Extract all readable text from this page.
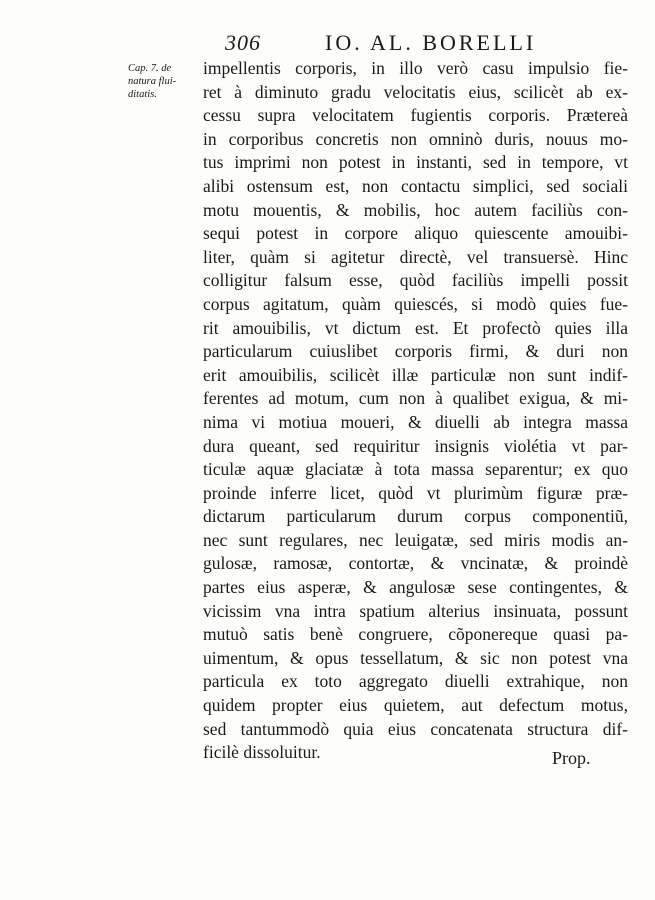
306	IO. AL. BORELLI
Cap. 7. de
natura flui-
ditatis.
impellentis corporis, in illo verò casu impulsio fie-
ret à diminuto gradu velocitatis eius, scilicèt ab ex-
cessu supra velocitatem fugientis corporis. Prætereà
in corporibus concretis non omninò duris, nouus mo-
tus imprimi non potest in instanti, sed in tempore, vt
alibi ostensum est, non contactu simplici, sed sociali
motu mouentis, & mobilis, hoc autem faciliùs con-
sequi potest in corpore aliquo quiescente amouibi-
liter, quàm si agitetur directè, vel transuersè. Hinc
colligitur falsum esse, quòd faciliùs impelli possit
corpus agitatum, quàm quiescés, si modò quies fue-
rit amouibilis, vt dictum est. Et profectò quies illa
particularum cuiuslibet corporis firmi, & duri non
erit amouibilis, scilicèt illæ particulæ non sunt indif-
ferentes ad motum, cum non à qualibet exigua, & mi-
nima vi motiua moueri, & diuelli ab integra massa
dura queant, sed requiritur insignis violétia vt par-
ticulæ aquæ glaciatæ à tota massa separentur; ex quo
proinde inferre licet, quòd vt plurimùm figuræ præ-
dictarum particularum durum corpus componentiũ,
nec sunt regulares, nec leuigatæ, sed miris modis an-
gulosæ, ramosæ, contortæ, & vncinatæ, & proindè
partes eius asperæ, & angulosæ sese contingentes, &
vicissim vna intra spatium alterius insinuata, possunt
mutuò satis benè congruere, cõponereque quasi pa-
uimentum, & opus tessellatum, & sic non potest vna
particula ex toto aggregato diuelli extrahique, non
quidem propter eius quietem, aut defectum motus,
sed tantummodò quia eius concatenata structura dif-
ficilè dissoluitur.	Prop.
